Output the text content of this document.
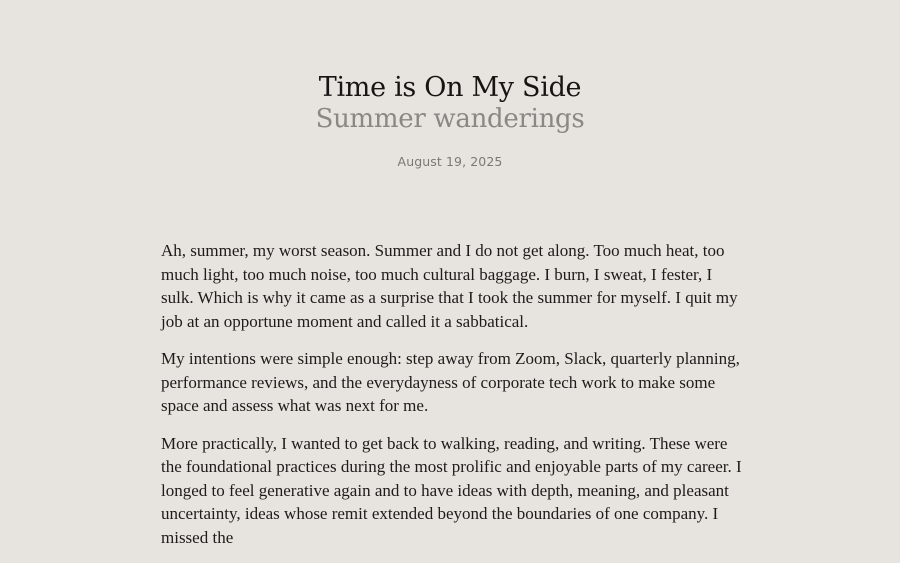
Time is On My Side
Summer wanderings
August 19, 2025

Ah, summer, my worst season. Summer and I do not get along. Too much heat, too much light, too much noise, too much cultural baggage. I burn, I sweat, I fester, I sulk. Which is why it came as a surprise that I took the summer for myself. I quit my job at an opportune moment and called it a sabbatical.

My intentions were simple enough: step away from Zoom, Slack, quarterly planning, performance reviews, and the everydayness of corporate tech work to make some space and assess what was next for me.

More practically, I wanted to get back to walking, reading, and writing. These were the foundational practices during the most prolific and enjoyable parts of my career. I longed to feel generative again and to have ideas with depth, meaning, and pleasant uncertainty, ideas whose remit extended beyond the boundaries of one company. I missed the
